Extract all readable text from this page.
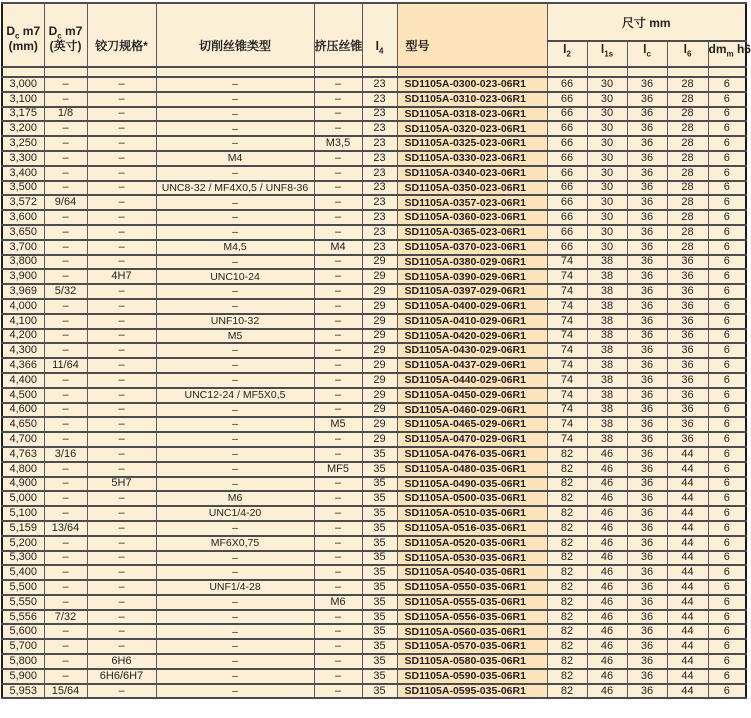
$D_c$ m7
(mm)	$D_c$ m7
(英寸)	铰刀规格*	切削丝锥类型	挤压丝锥	$l_4$	型号	尺寸 mm				
							$l_2$	$l_{1s}$	$l_c$	$l_6$	$dm_m$ h6

3,000	–	–	–	–	23	SD1105A-0300-023-06R1	66	30	36	28	6
3,100	–	–	–	–	23	SD1105A-0310-023-06R1	66	30	36	28	6
3,175	1/8	–	–	–	23	SD1105A-0318-023-06R1	66	30	36	28	6
3,200	–	–	–	–	23	SD1105A-0320-023-06R1	66	30	36	28	6
3,250	–	–	–	M3,5	23	SD1105A-0325-023-06R1	66	30	36	28	6
3,300	–	–	M4	–	23	SD1105A-0330-023-06R1	66	30	36	28	6
3,400	–	–	–	–	23	SD1105A-0340-023-06R1	66	30	36	28	6
3,500	–	–	UNC8-32 / MF4X0,5 / UNF8-36	–	23	SD1105A-0350-023-06R1	66	30	36	28	6
3,572	9/64	–	–	–	23	SD1105A-0357-023-06R1	66	30	36	28	6
3,600	–	–	–	–	23	SD1105A-0360-023-06R1	66	30	36	28	6
3,650	–	–	–	–	23	SD1105A-0365-023-06R1	66	30	36	28	6
3,700	–	–	M4,5	M4	23	SD1105A-0370-023-06R1	66	30	36	28	6
3,800	–	–	–	–	29	SD1105A-0380-029-06R1	74	38	36	36	6
3,900	–	4H7	UNC10-24	–	29	SD1105A-0390-029-06R1	74	38	36	36	6
3,969	5/32	–	–	–	29	SD1105A-0397-029-06R1	74	38	36	36	6
4,000	–	–	–	–	29	SD1105A-0400-029-06R1	74	38	36	36	6
4,100	–	–	UNF10-32	–	29	SD1105A-0410-029-06R1	74	38	36	36	6
4,200	–	–	M5	–	29	SD1105A-0420-029-06R1	74	38	36	36	6
4,300	–	–	–	–	29	SD1105A-0430-029-06R1	74	38	36	36	6
4,366	11/64	–	–	–	29	SD1105A-0437-029-06R1	74	38	36	36	6
4,400	–	–	–	–	29	SD1105A-0440-029-06R1	74	38	36	36	6
4,500	–	–	UNC12-24 / MF5X0,5	–	29	SD1105A-0450-029-06R1	74	38	36	36	6
4,600	–	–	–	–	29	SD1105A-0460-029-06R1	74	38	36	36	6
4,650	–	–	–	M5	29	SD1105A-0465-029-06R1	74	38	36	36	6
4,700	–	–	–	–	29	SD1105A-0470-029-06R1	74	38	36	36	6
4,763	3/16	–	–	–	35	SD1105A-0476-035-06R1	82	46	36	44	6
4,800	–	–	–	MF5	35	SD1105A-0480-035-06R1	82	46	36	44	6
4,900	–	5H7	–	–	35	SD1105A-0490-035-06R1	82	46	36	44	6
5,000	–	–	M6	–	35	SD1105A-0500-035-06R1	82	46	36	44	6
5,100	–	–	UNC1/4-20	–	35	SD1105A-0510-035-06R1	82	46	36	44	6
5,159	13/64	–	–	–	35	SD1105A-0516-035-06R1	82	46	36	44	6
5,200	–	–	MF6X0,75	–	35	SD1105A-0520-035-06R1	82	46	36	44	6
5,300	–	–	–	–	35	SD1105A-0530-035-06R1	82	46	36	44	6
5,400	–	–	–	–	35	SD1105A-0540-035-06R1	82	46	36	44	6
5,500	–	–	UNF1/4-28	–	35	SD1105A-0550-035-06R1	82	46	36	44	6
5,550	–	–	–	M6	35	SD1105A-0555-035-06R1	82	46	36	44	6
5,556	7/32	–	–	–	35	SD1105A-0556-035-06R1	82	46	36	44	6
5,600	–	–	–	–	35	SD1105A-0560-035-06R1	82	46	36	44	6
5,700	–	–	–	–	35	SD1105A-0570-035-06R1	82	46	36	44	6
5,800	–	6H6	–	–	35	SD1105A-0580-035-06R1	82	46	36	44	6
5,900	–	6H6/6H7	–	–	35	SD1105A-0590-035-06R1	82	46	36	44	6
5,953	15/64	–	–	–	35	SD1105A-0595-035-06R1	82	46	36	44	6
